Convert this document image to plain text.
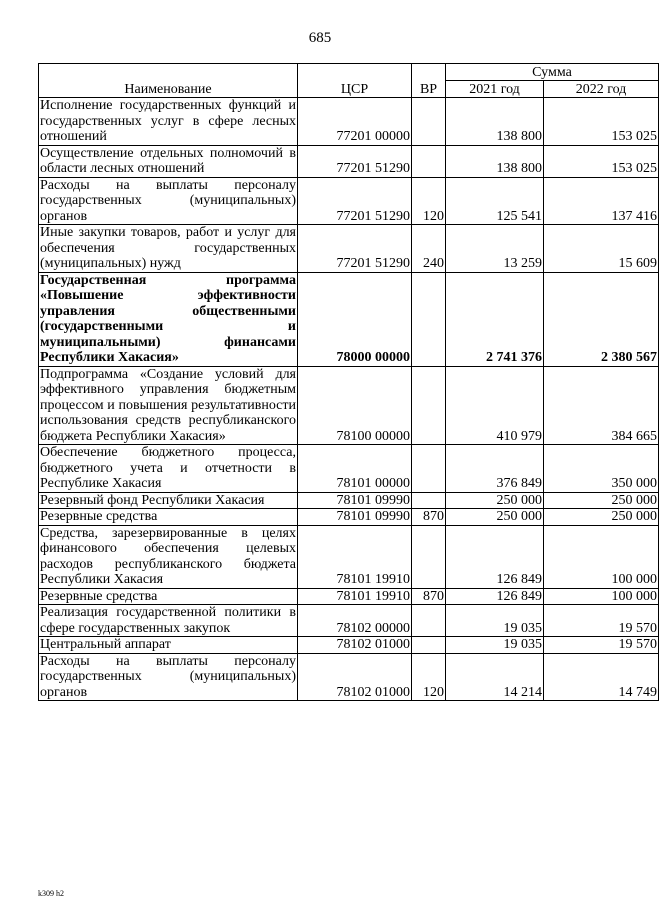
685
Наименование	ЦСР	ВР	Сумма	
			2021 год	2022 год
Исполнение государственных функций и государственных услуг в сфере лесных отношений	77201 00000		138 800	153 025
Осуществление отдельных полномочий в области лесных отношений	77201 51290		138 800	153 025
Расходы на выплаты персоналу государственных (муниципальных) органов	77201 51290	120	125 541	137 416
Иные закупки товаров, работ и услуг для обеспечения государственных (муниципальных) нужд	77201 51290	240	13 259	15 609
Государственная программа «Повышение эффективности управления общественными (государственными и муниципальными) финансами Республики Хакасия»	78000 00000		2 741 376	2 380 567
Подпрограмма «Создание условий для эффективного управления бюджетным процессом и повышения результативности использования средств республиканского бюджета Республики Хакасия»	78100 00000		410 979	384 665
Обеспечение бюджетного процесса, бюджетного учета и отчетности в Республике Хакасия	78101 00000		376 849	350 000
Резервный фонд Республики Хакасия	78101 09990		250 000	250 000
Резервные средства	78101 09990	870	250 000	250 000
Средства, зарезервированные в целях финансового обеспечения целевых расходов республиканского бюджета Республики Хакасия	78101 19910		126 849	100 000
Резервные средства	78101 19910	870	126 849	100 000
Реализация государственной политики в сфере государственных закупок	78102 00000		19 035	19 570
Центральный аппарат	78102 01000		19 035	19 570
Расходы на выплаты персоналу государственных (муниципальных) органов	78102 01000	120	14 214	14 749
k309 h2
